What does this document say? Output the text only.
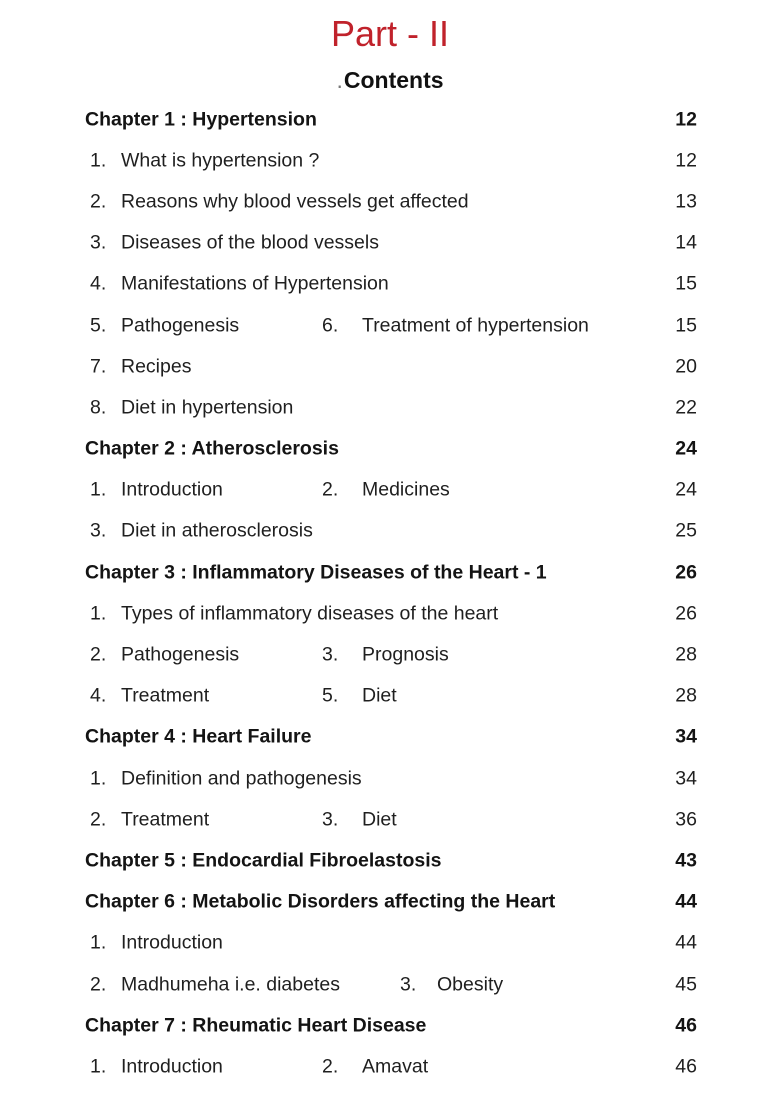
Part - II
.Contents
Chapter 1 : Hypertension	12
1. What is hypertension ?	12
2. Reasons why blood vessels get affected	13
3. Diseases of the blood vessels	14
4. Manifestations of Hypertension	15
5. Pathogenesis	6. Treatment of hypertension	15
7. Recipes	20
8. Diet in hypertension	22
Chapter 2 : Atherosclerosis	24
1. Introduction	2. Medicines	24
3. Diet in atherosclerosis	25
Chapter 3 : Inflammatory Diseases of the Heart - 1	26
1. Types of inflammatory diseases of the heart	26
2. Pathogenesis	3. Prognosis	28
4. Treatment	5. Diet	28
Chapter 4 : Heart Failure	34
1. Definition and pathogenesis	34
2. Treatment	3. Diet	36
Chapter 5 : Endocardial Fibroelastosis	43
Chapter 6 : Metabolic Disorders affecting the Heart	44
1. Introduction	44
2. Madhumeha i.e. diabetes	3. Obesity	45
Chapter 7 : Rheumatic Heart Disease	46
1. Introduction	2. Amavat	46
